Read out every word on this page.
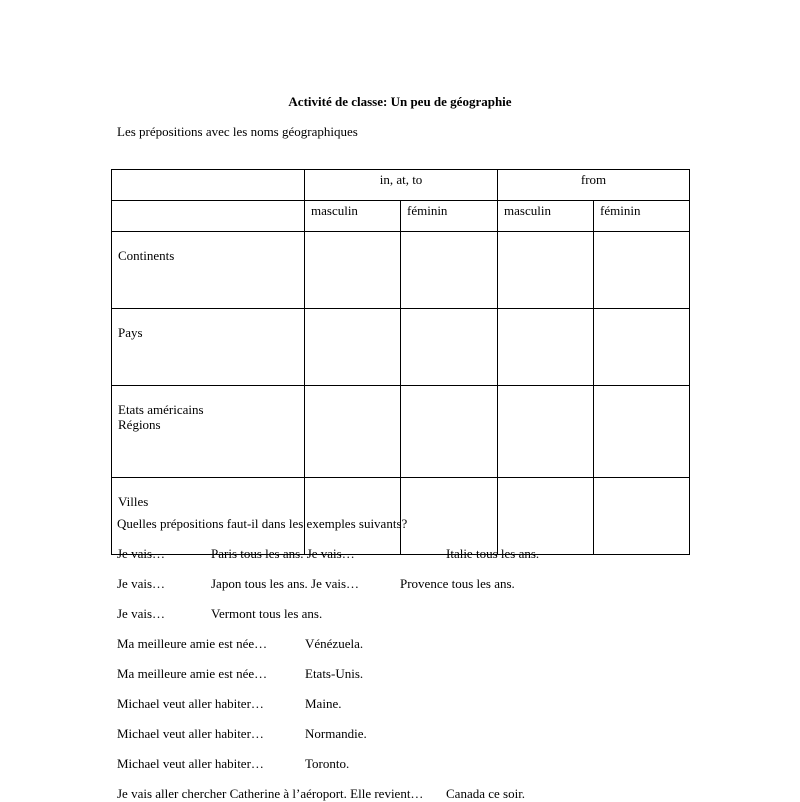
Activité de classe: Un peu de géographie
Les prépositions avec les noms géographiques
	in, at, to		from	
	masculin	féminin	masculin	féminin

Continents				

Pays				

Etats américains
Régions				

Villes				

Quelles prépositions faut-il dans les exemples suivants?
Je vais…	Paris tous les ans. Je vais…	Italie tous les ans.
Je vais…	Japon tous les ans. Je vais…	Provence tous les ans.
Je vais…	Vermont tous les ans.
Ma meilleure amie est née…	Vénézuela.
Ma meilleure amie est née…	Etats-Unis.
Michael veut aller habiter…	Maine.
Michael veut aller habiter…	Normandie.
Michael veut aller habiter…	Toronto.
Je vais aller chercher Catherine à l’aéroport. Elle revient… Canada ce soir.
